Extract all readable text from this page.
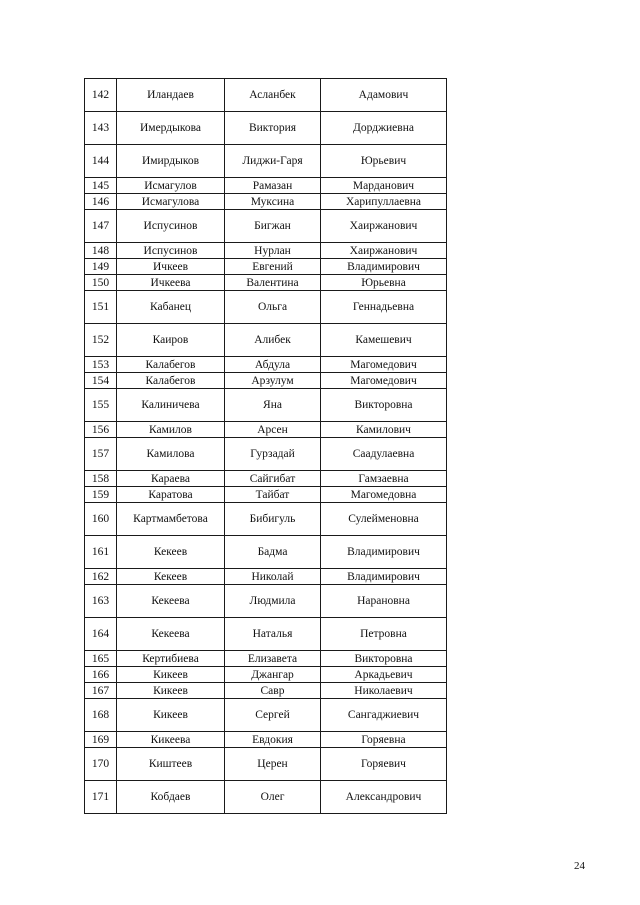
142	Иландаев	Асланбек	Адамович
143	Имердыкова	Виктория	Дорджиевна
144	Имирдыков	Лиджи-Гаря	Юрьевич
145	Исмагулов	Рамазан	Марданович
146	Исмагулова	Муксина	Харипуллаевна
147	Испусинов	Бигжан	Хаиржанович
148	Испусинов	Нурлан	Хаиржанович
149	Ичкеев	Евгений	Владимирович
150	Ичкеева	Валентина	Юрьевна
151	Кабанец	Ольга	Геннадьевна
152	Каиров	Алибек	Камешевич
153	Калабегов	Абдула	Магомедович
154	Калабегов	Арзулум	Магомедович
155	Калиничева	Яна	Викторовна
156	Камилов	Арсен	Камилович
157	Камилова	Гурзадай	Саадулаевна
158	Караева	Сайгибат	Гамзаевна
159	Каратова	Тайбат	Магомедовна
160	Картмамбетова	Бибигуль	Сулейменовна
161	Кекеев	Бадма	Владимирович
162	Кекеев	Николай	Владимирович
163	Кекеева	Людмила	Нарановна
164	Кекеева	Наталья	Петровна
165	Кертибиева	Елизавета	Викторовна
166	Кикеев	Джангар	Аркадьевич
167	Кикеев	Савр	Николаевич
168	Кикеев	Сергей	Сангаджиевич
169	Кикеева	Евдокия	Горяевна
170	Киштеев	Церен	Горяевич
171	Кобдаев	Олег	Александрович
24
